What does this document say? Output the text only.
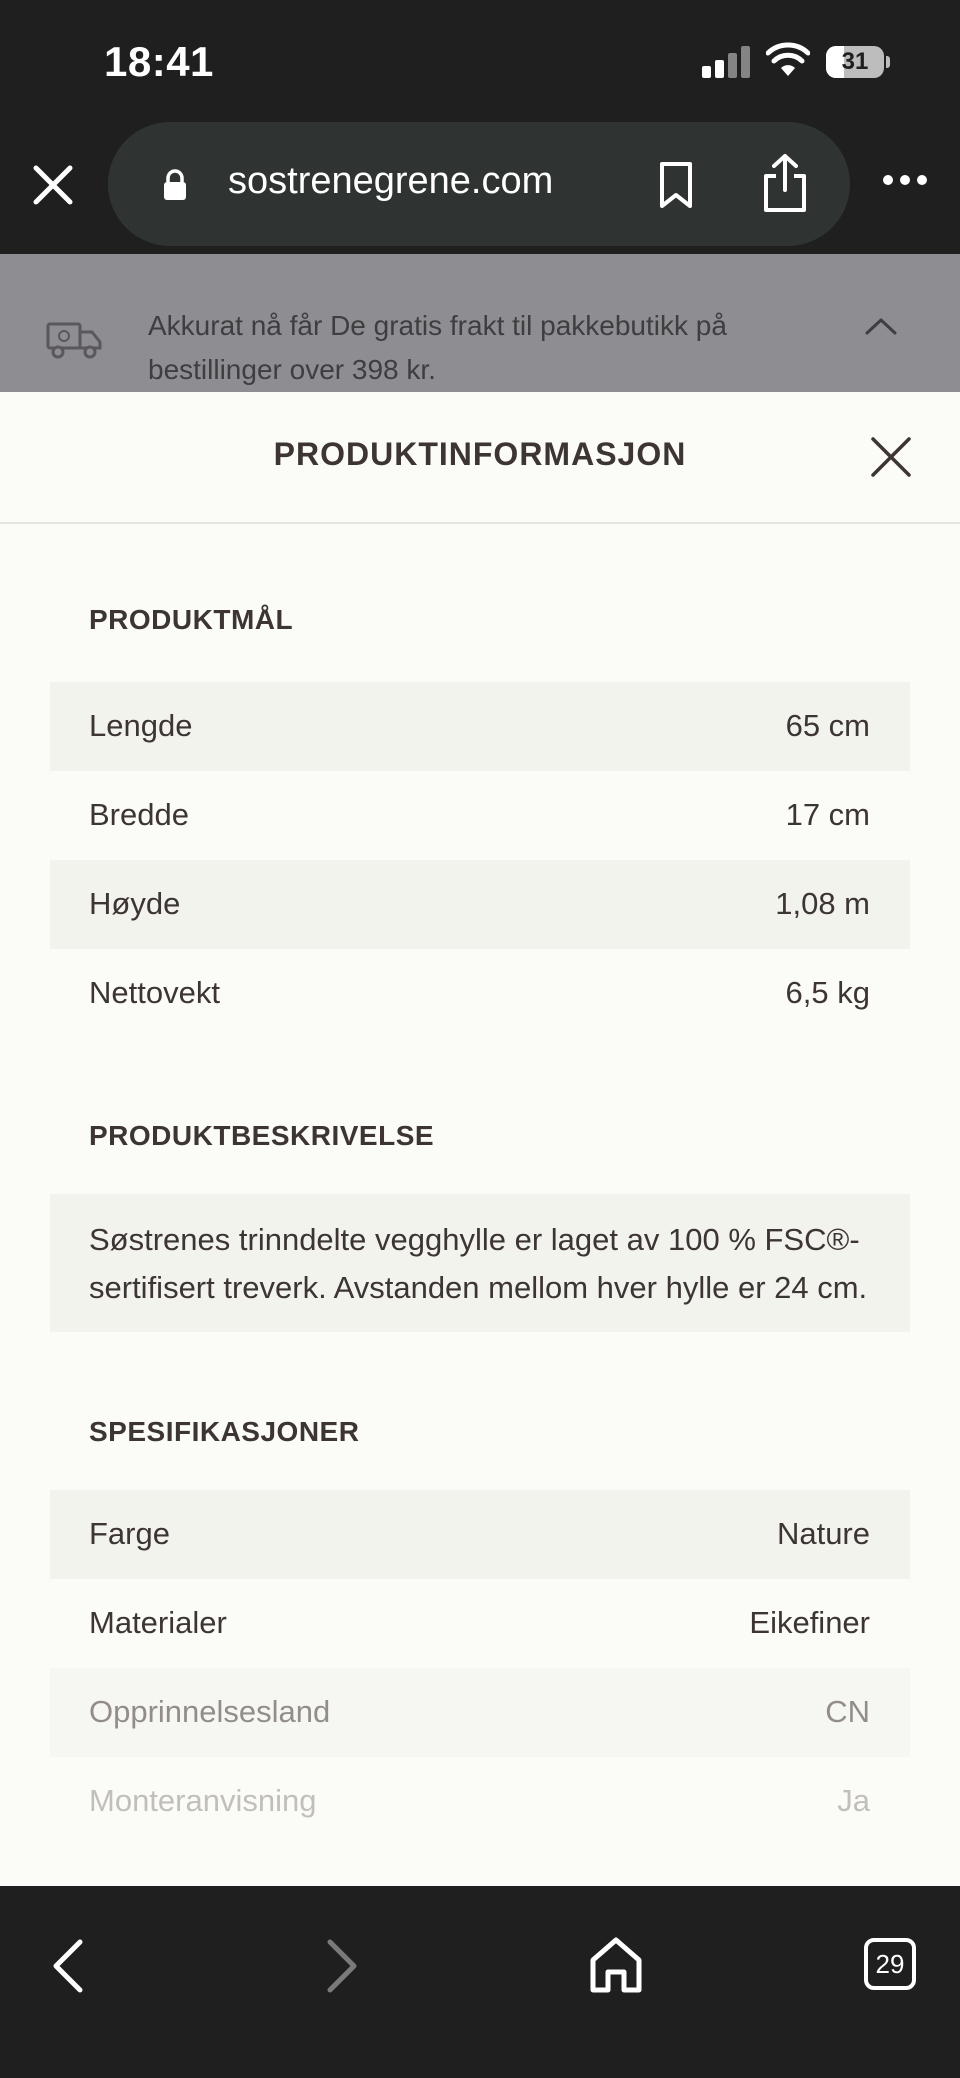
18:41	31
sostrenegrene.com
Akkurat nå får De gratis frakt til pakkebutikk på bestillinger over 398 kr.
PRODUKTINFORMASJON
PRODUKTMÅL
Lengde	65 cm
Bredde	17 cm
Høyde	1,08 m
Nettovekt	6,5 kg
PRODUKTBESKRIVELSE
Søstrenes trinndelte vegghylle er laget av 100 % FSC®-sertifisert treverk. Avstanden mellom hver hylle er 24 cm.
SPESIFIKASJONER
Farge	Nature
Materialer	Eikefiner
Opprinnelsesland	CN
Monteranvisning	Ja
29
